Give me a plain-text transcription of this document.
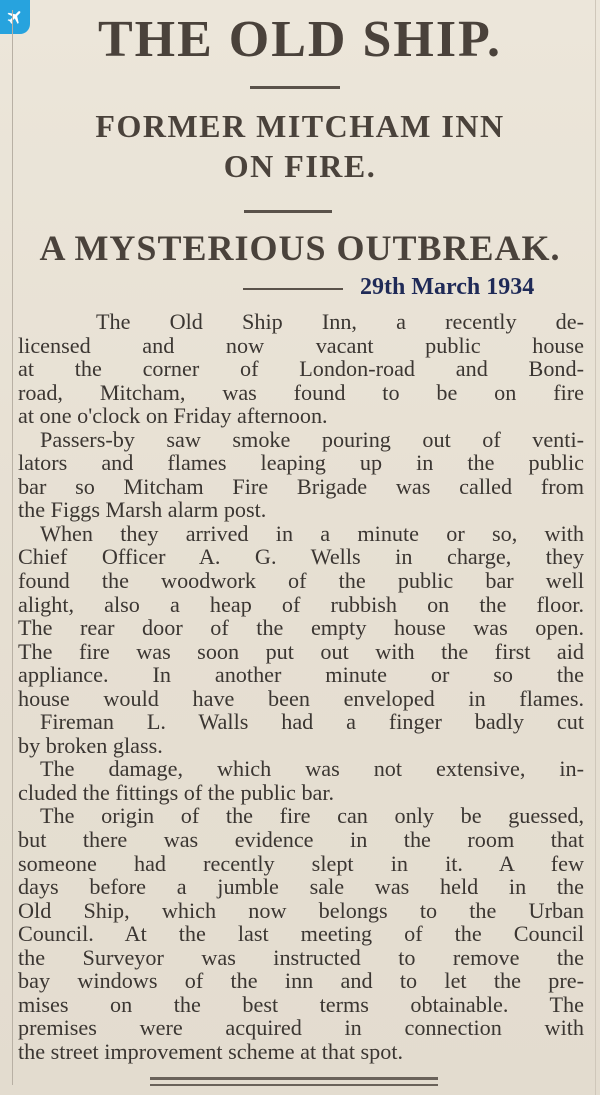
THE OLD SHIP.
FORMER MITCHAM INN
ON FIRE.
A MYSTERIOUS OUTBREAK.
29th March 1934
The Old Ship Inn, a recently de-
licensed and now vacant public house
at the corner of London-road and Bond-
road, Mitcham, was found to be on fire
at one o'clock on Friday afternoon.
Passers-by saw smoke pouring out of venti-
lators and flames leaping up in the public
bar so Mitcham Fire Brigade was called from
the Figgs Marsh alarm post.
When they arrived in a minute or so, with
Chief Officer A. G. Wells in charge, they
found the woodwork of the public bar well
alight, also a heap of rubbish on the floor.
The rear door of the empty house was open.
The fire was soon put out with the first aid
appliance. In another minute or so the
house would have been enveloped in flames.
Fireman L. Walls had a finger badly cut
by broken glass.
The damage, which was not extensive, in-
cluded the fittings of the public bar.
The origin of the fire can only be guessed,
but there was evidence in the room that
someone had recently slept in it. A few
days before a jumble sale was held in the
Old Ship, which now belongs to the Urban
Council. At the last meeting of the Council
the Surveyor was instructed to remove the
bay windows of the inn and to let the pre-
mises on the best terms obtainable. The
premises were acquired in connection with
the street improvement scheme at that spot.
